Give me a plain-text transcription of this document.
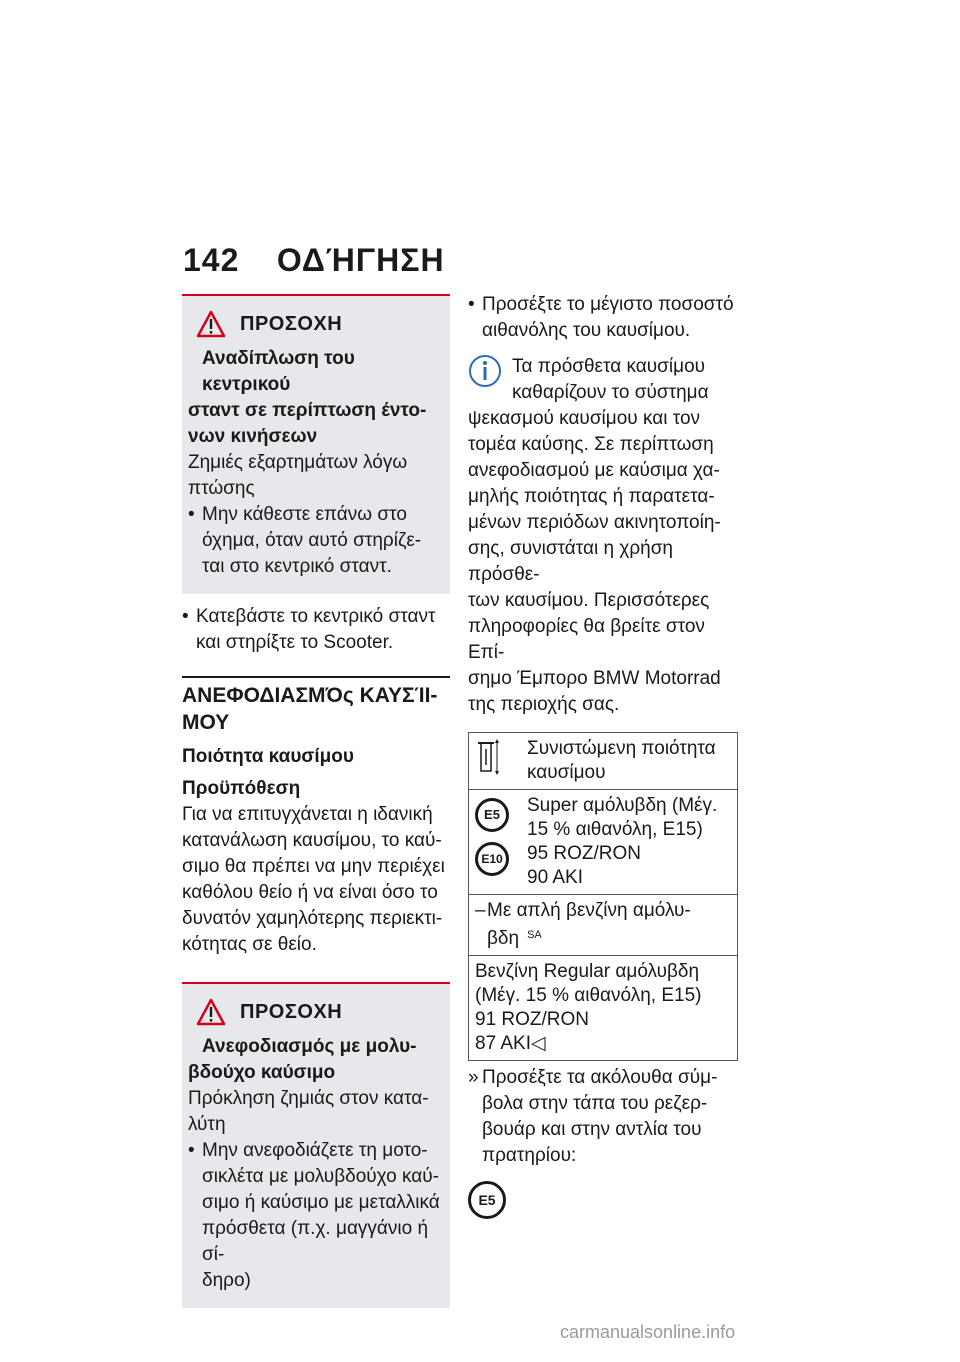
142 ΟΔΉΓΗΣΗ
ΠΡΟΣΟΧΗ
Αναδίπλωση του κεντρικού
σταντ σε περίπτωση έντο-
νων κινήσεων

Ζημιές εξαρτημάτων λόγω
πτώσης

• Μην κάθεστε επάνω στο
όχημα, όταν αυτό στηρίζε-
ται στο κεντρικό σταντ.
• Κατεβάστε το κεντρικό σταντ
και στηρίξτε το Scooter.
ΑΝΕΦΟΔΙΑΣΜΌς ΚΑΥΣΊΙ-
ΜΟΥ
Ποιότητα καυσίμου
Προϋπόθεση
Για να επιτυγχάνεται η ιδανική
κατανάλωση καυσίμου, το καύ-
σιμο θα πρέπει να μην περιέχει
καθόλου θείο ή να είναι όσο το
δυνατόν χαμηλότερης περιεκτι-
κότητας σε θείο.
ΠΡΟΣΟΧΗ
Ανεφοδιασμός με μολυ-
βδούχο καύσιμο

Πρόκληση ζημιάς στον κατα-
λύτη

• Μην ανεφοδιάζετε τη μοτο-
σικλέτα με μολυβδούχο καύ-
σιμο ή καύσιμο με μεταλλικά
πρόσθετα (π.χ. μαγγάνιο ή σί-
δηρο)
• Προσέξτε το μέγιστο ποσοστό
αιθανόλης του καυσίμου.
Τα πρόσθετα καυσίμου
καθαρίζουν το σύστημα
ψεκασμού καυσίμου και τον
τομέα καύσης. Σε περίπτωση
ανεφοδιασμού με καύσιμα χα-
μηλής ποιότητας ή παρατετα-
μένων περιόδων ακινητοποίη-
σης, συνιστάται η χρήση πρόσθε-
των καυσίμου. Περισσότερες
πληροφορίες θα βρείτε στον Επί-
σημο Έμπορο BMW Motorrad
της περιοχής σας.

Συνιστώμενη ποιότητα
καυσίμου

E5 E10	Super αμόλυβδη (Μέγ.
15 % αιθανόλη, E15)
95 ROZ/RON
90 AKI

– Με απλή βενζίνη αμόλυ-
βδη $^{SA}$

Βενζίνη Regular αμόλυβδη
(Μέγ. 15 % αιθανόλη, E15)
91 ROZ/RON
87 AKI◁	
» Προσέξτε τα ακόλουθα σύμ-
βολα στην τάπα του ρεζερ-
βουάρ και στην αντλία του
πρατηρίου:
E5
carmanualsonline.info
